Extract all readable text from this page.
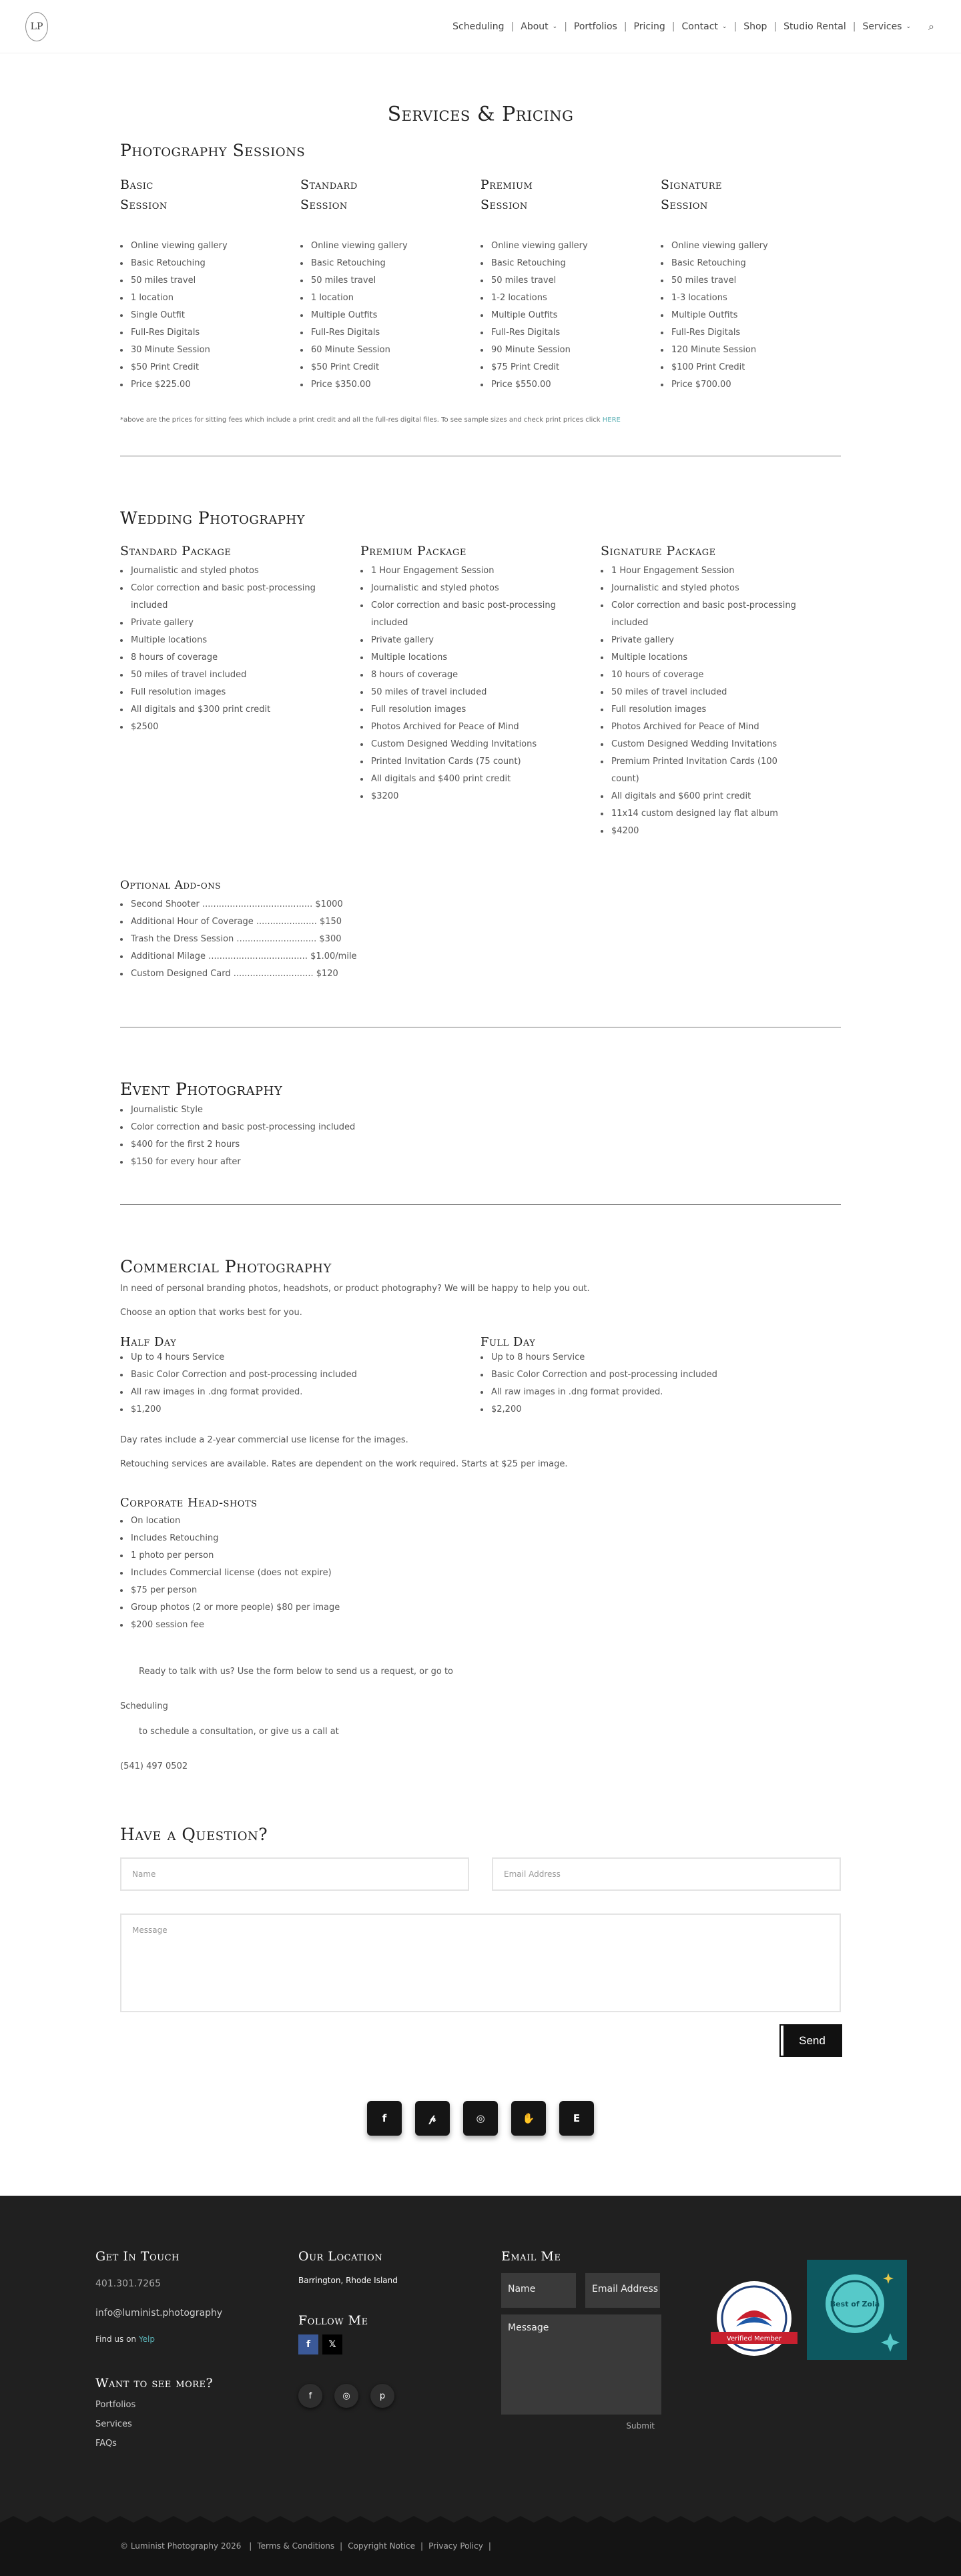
LP	Scheduling | About ⌄ | Portfolios | Pricing | Contact ⌄ | Shop | Studio Rental | Services ⌄ ⌕
Services & Pricing
Photography Sessions
Basic
Session
• Online viewing gallery
• Basic Retouching
• 50 miles travel
• 1 location
• Single Outfit
• Full-Res Digitals
• 30 Minute Session
• $50 Print Credit
• Price $225.00
Standard
Session
• Online viewing gallery
• Basic Retouching
• 50 miles travel
• 1 location
• Multiple Outfits
• Full-Res Digitals
• 60 Minute Session
• $50 Print Credit
• Price $350.00
Premium
Session
• Online viewing gallery
• Basic Retouching
• 50 miles travel
• 1-2 locations
• Multiple Outfits
• Full-Res Digitals
• 90 Minute Session
• $75 Print Credit
• Price $550.00
Signature
Session
• Online viewing gallery
• Basic Retouching
• 50 miles travel
• 1-3 locations
• Multiple Outfits
• Full-Res Digitals
• 120 Minute Session
• $100 Print Credit
• Price $700.00
*above are the prices for sitting fees which include a print credit and all the full-res digital files. To see sample sizes and check print prices click HERE
Wedding Photography
Standard Package
• Journalistic and styled photos
• Color correction and basic post-processing included
• Private gallery
• Multiple locations
• 8 hours of coverage
• 50 miles of travel included
• Full resolution images
• All digitals and $300 print credit
• $2500
Premium Package
• 1 Hour Engagement Session
• Journalistic and styled photos
• Color correction and basic post-processing included
• Private gallery
• Multiple locations
• 8 hours of coverage
• 50 miles of travel included
• Full resolution images
• Photos Archived for Peace of Mind
• Custom Designed Wedding Invitations
• Printed Invitation Cards (75 count)
• All digitals and $400 print credit
• $3200
Signature Package
• 1 Hour Engagement Session
• Journalistic and styled photos
• Color correction and basic post-processing included
• Private gallery
• Multiple locations
• 10 hours of coverage
• 50 miles of travel included
• Full resolution images
• Photos Archived for Peace of Mind
• Custom Designed Wedding Invitations
• Premium Printed Invitation Cards (100 count)
• All digitals and $600 print credit
• 11x14 custom designed lay flat album
• $4200
Optional Add-ons
• Second Shooter ........................................ $1000
• Additional Hour of Coverage ...................... $150
• Trash the Dress Session ............................. $300
• Additional Milage .................................... $1.00/mile
• Custom Designed Card ............................. $120
Event Photography
• Journalistic Style
• Color correction and basic post-processing included
• $400 for the first 2 hours
• $150 for every hour after
Commercial Photography

In need of personal branding photos, headshots, or product photography? We will be happy to help you out.

Choose an option that works best for you.

Half Day
• Up to 4 hours Service
• Basic Color Correction and post-processing included
• All raw images in .dng format provided.
• $1,200
Full Day
• Up to 8 hours Service
• Basic Color Correction and post-processing included
• All raw images in .dng format provided.
• $2,200

Day rates include a 2-year commercial use license for the images.

Retouching services are available. Rates are dependent on the work required. Starts at $25 per image.

Corporate Head-shots
• On location
• Includes Retouching
• 1 photo per person
• Includes Commercial license (does not expire)
• $75 per person
• Group photos (2 or more people) $80 per image
• $200 session fee

Ready to talk with us? Use the form below to send us a request, or go to

Scheduling

to schedule a consultation, or give us a call at

(541) 497 0502

Have a Question?
Name	Email Address
Message
Send
f	𝓅	◎	✋	E
Get In Touch
401.301.7265
info@luminist.photography
Find us on Yelp
Want to see more?
Portfolios
Services
FAQs
Our Location
Barrington, Rhode Island
Follow Me
f 𝕏
f	◎	p
Email Me
Name	Email Address
Message
Submit
Verified Member

Best of Zola
© Luminist Photography 2026 | Terms & Conditions | Copyright Notice | Privacy Policy |
